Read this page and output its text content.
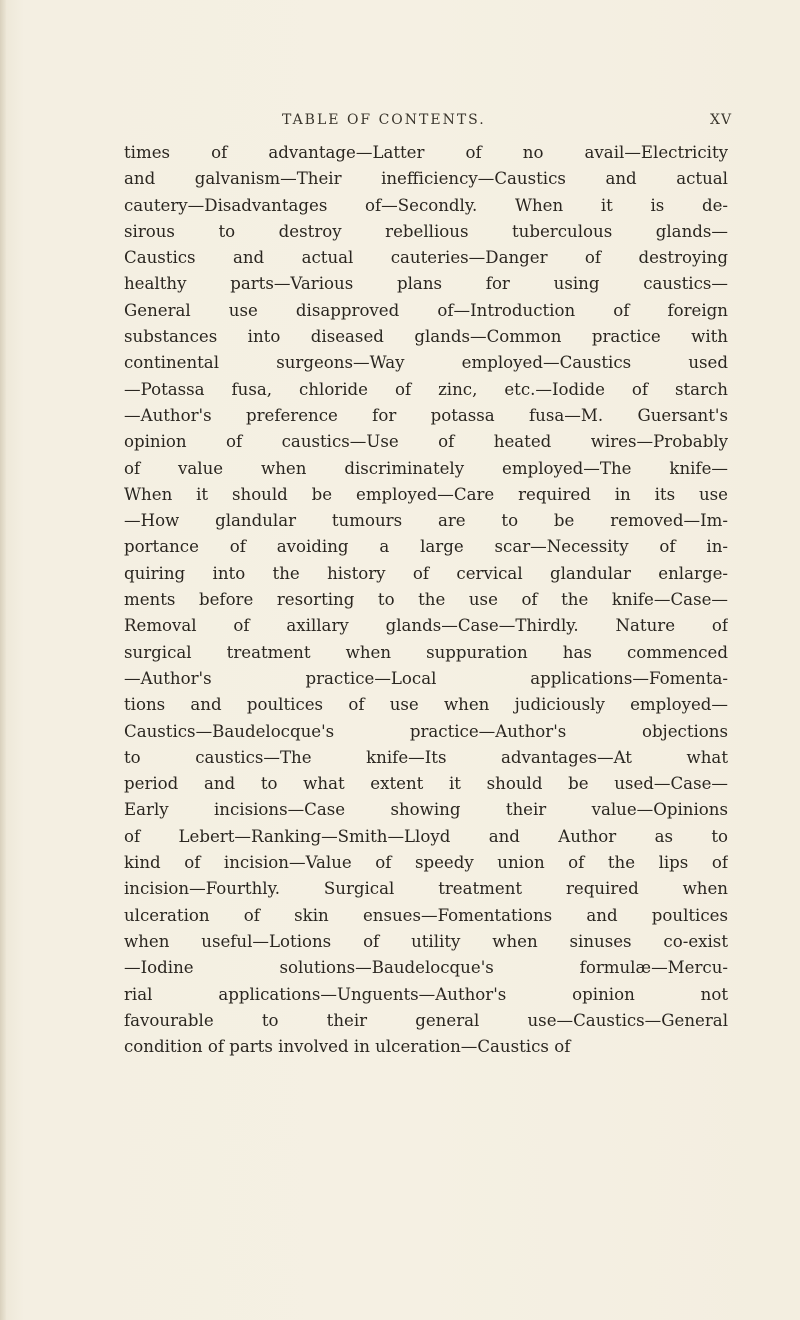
TABLE OF CONTENTS.	XV
times of advantage—Latter of no avail—Electricity
and galvanism—Their inefficiency—Caustics and actual
cautery—Disadvantages of—Secondly. When it is de-
sirous to destroy rebellious tuberculous glands—
Caustics and actual cauteries—Danger of destroying
healthy parts—Various plans for using caustics—
General use disapproved of—Introduction of foreign
substances into diseased glands—Common practice with
continental surgeons—Way employed—Caustics used
—Potassa fusa, chloride of zinc, etc.—Iodide of starch
—Author's preference for potassa fusa—M. Guersant's
opinion of caustics—Use of heated wires—Probably
of value when discriminately employed—The knife—
When it should be employed—Care required in its use
—How glandular tumours are to be removed—Im-
portance of avoiding a large scar—Necessity of in-
quiring into the history of cervical glandular enlarge-
ments before resorting to the use of the knife—Case—
Removal of axillary glands—Case—Thirdly. Nature of
surgical treatment when suppuration has commenced
—Author's practice—Local applications—Fomenta-
tions and poultices of use when judiciously employed—
Caustics—Baudelocque's practice—Author's objections
to caustics—The knife—Its advantages—At what
period and to what extent it should be used—Case—
Early incisions—Case showing their value—Opinions
of Lebert—Ranking—Smith—Lloyd and Author as to
kind of incision—Value of speedy union of the lips of
incision—Fourthly. Surgical treatment required when
ulceration of skin ensues—Fomentations and poultices
when useful—Lotions of utility when sinuses co-exist
—Iodine solutions—Baudelocque's formulæ—Mercu-
rial applications—Unguents—Author's opinion not
favourable to their general use—Caustics—General
condition of parts involved in ulceration—Caustics of
